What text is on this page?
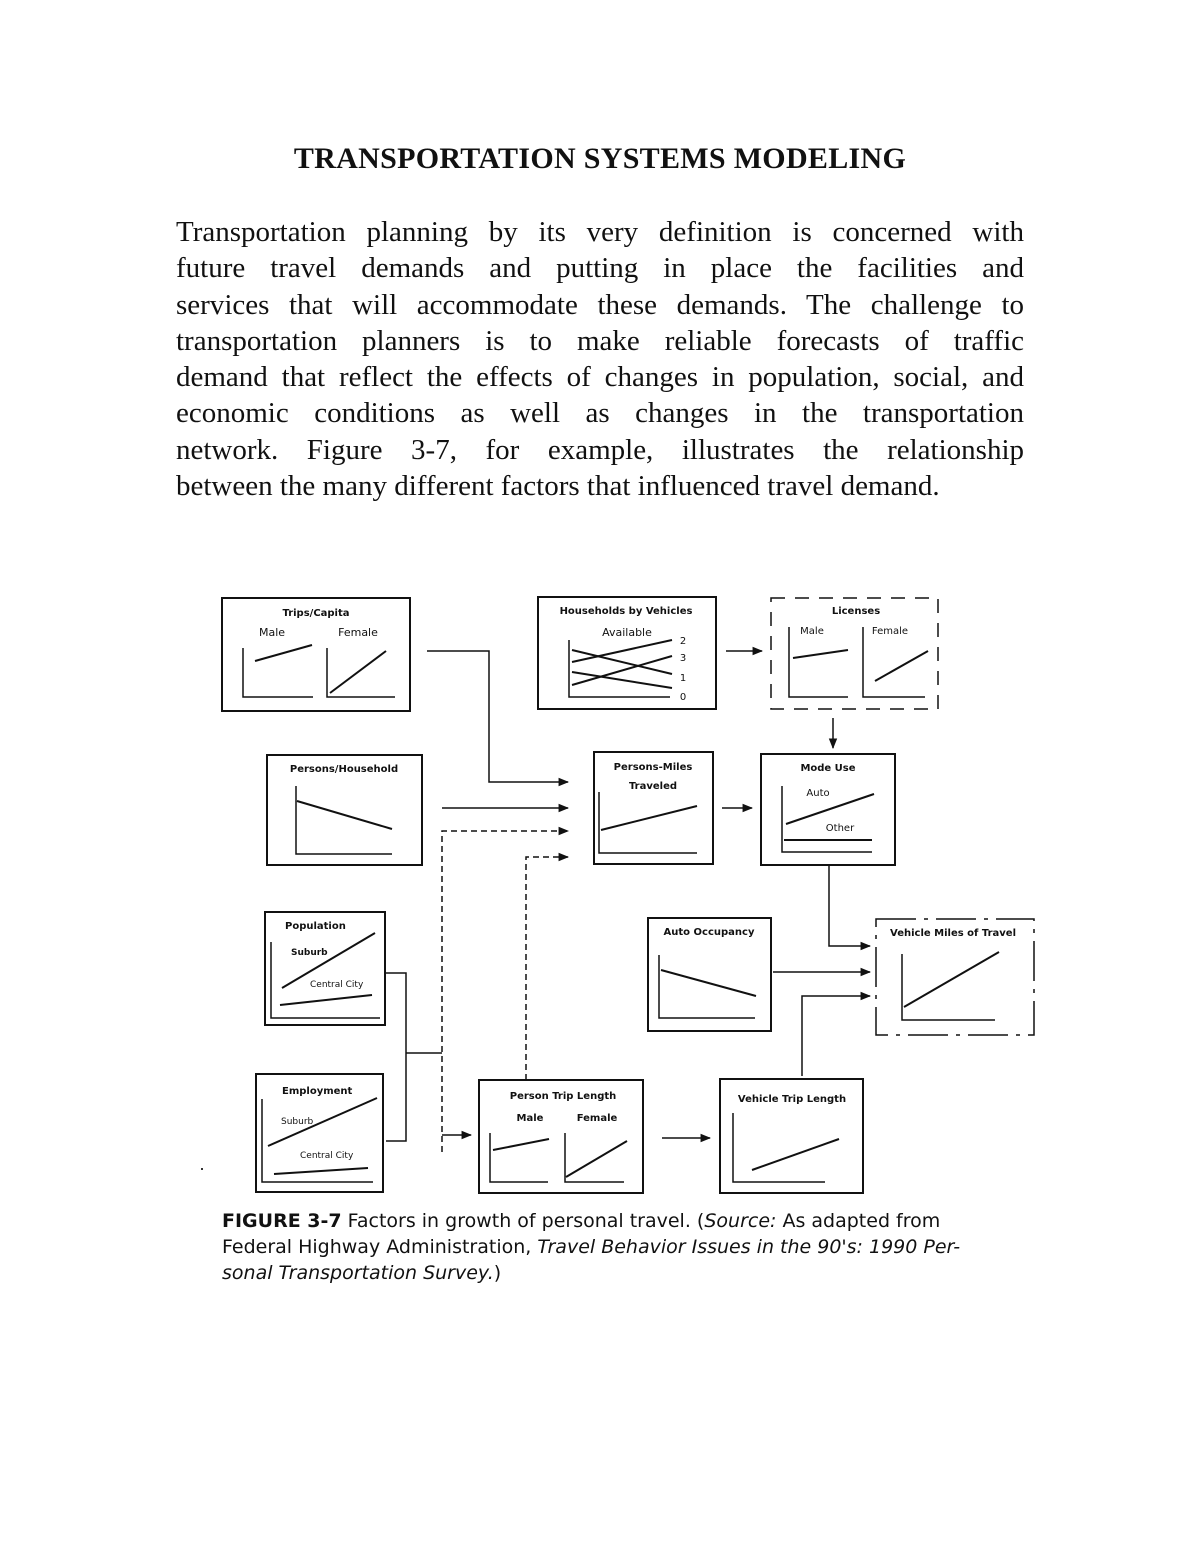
TRANSPORTATION SYSTEMS MODELING

Transportation planning by its very definition is concerned with
future travel demands and putting in place the facilities and
services that will accommodate these demands. The challenge to
transportation planners is to make reliable forecasts of traffic
demand that reflect the effects of changes in population, social, and
economic conditions as well as changes in the transportation
network. Figure 3-7, for example, illustrates the relationship
between the many different factors that influenced travel demand.

Trips/Capita
Male	Female
Households by Vehicles
Available
2
3
1
0
Licenses
Male	Female
Persons/Household	Persons-Miles
Traveled
Mode Use
Auto
Other
Population
Suburb
Central City
Auto Occupancy	Vehicle Miles of Travel
Employment
Suburb
Central City
Person Trip Length
Male	Female
Vehicle Trip Length

FIGURE 3-7 Factors in growth of personal travel. (Source: As adapted from
Federal Highway Administration, Travel Behavior Issues in the 90's: 1990 Per-
sonal Transportation Survey.)
